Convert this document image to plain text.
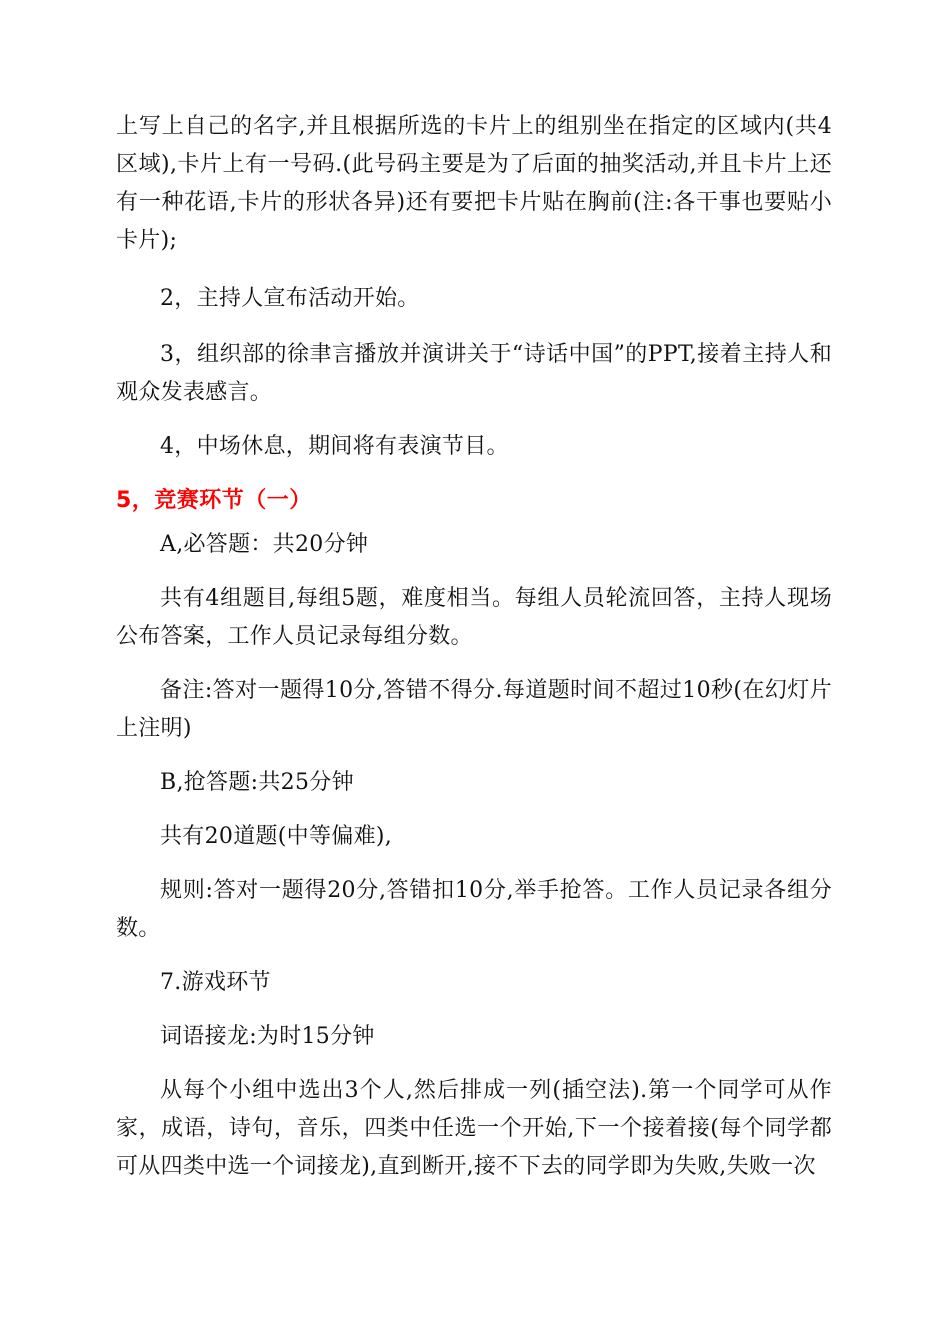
上写上自己的名字,并且根据所选的卡片上的组别坐在指定的区域内(共4区域),卡片上有一号码.(此号码主要是为了后面的抽奖活动,并且卡片上还有一种花语,卡片的形状各异)还有要把卡片贴在胸前(注:各干事也要贴小卡片);

2，主持人宣布活动开始。

3，组织部的徐聿言播放并演讲关于“诗话中国”的PPT,接着主持人和观众发表感言。

4，中场休息，期间将有表演节目。

5，竞赛环节（一）

A,必答题：共20分钟

共有4组题目,每组5题，难度相当。每组人员轮流回答，主持人现场公布答案，工作人员记录每组分数。

备注:答对一题得10分,答错不得分.每道题时间不超过10秒(在幻灯片上注明)

B,抢答题:共25分钟

共有20道题(中等偏难),

规则:答对一题得20分,答错扣10分,举手抢答。工作人员记录各组分数。

7.游戏环节

词语接龙:为时15分钟

从每个小组中选出3个人,然后排成一列(插空法).第一个同学可从作家，成语，诗句，音乐，四类中任选一个开始,下一个接着接(每个同学都可从四类中选一个词接龙),直到断开,接不下去的同学即为失败,失败一次
